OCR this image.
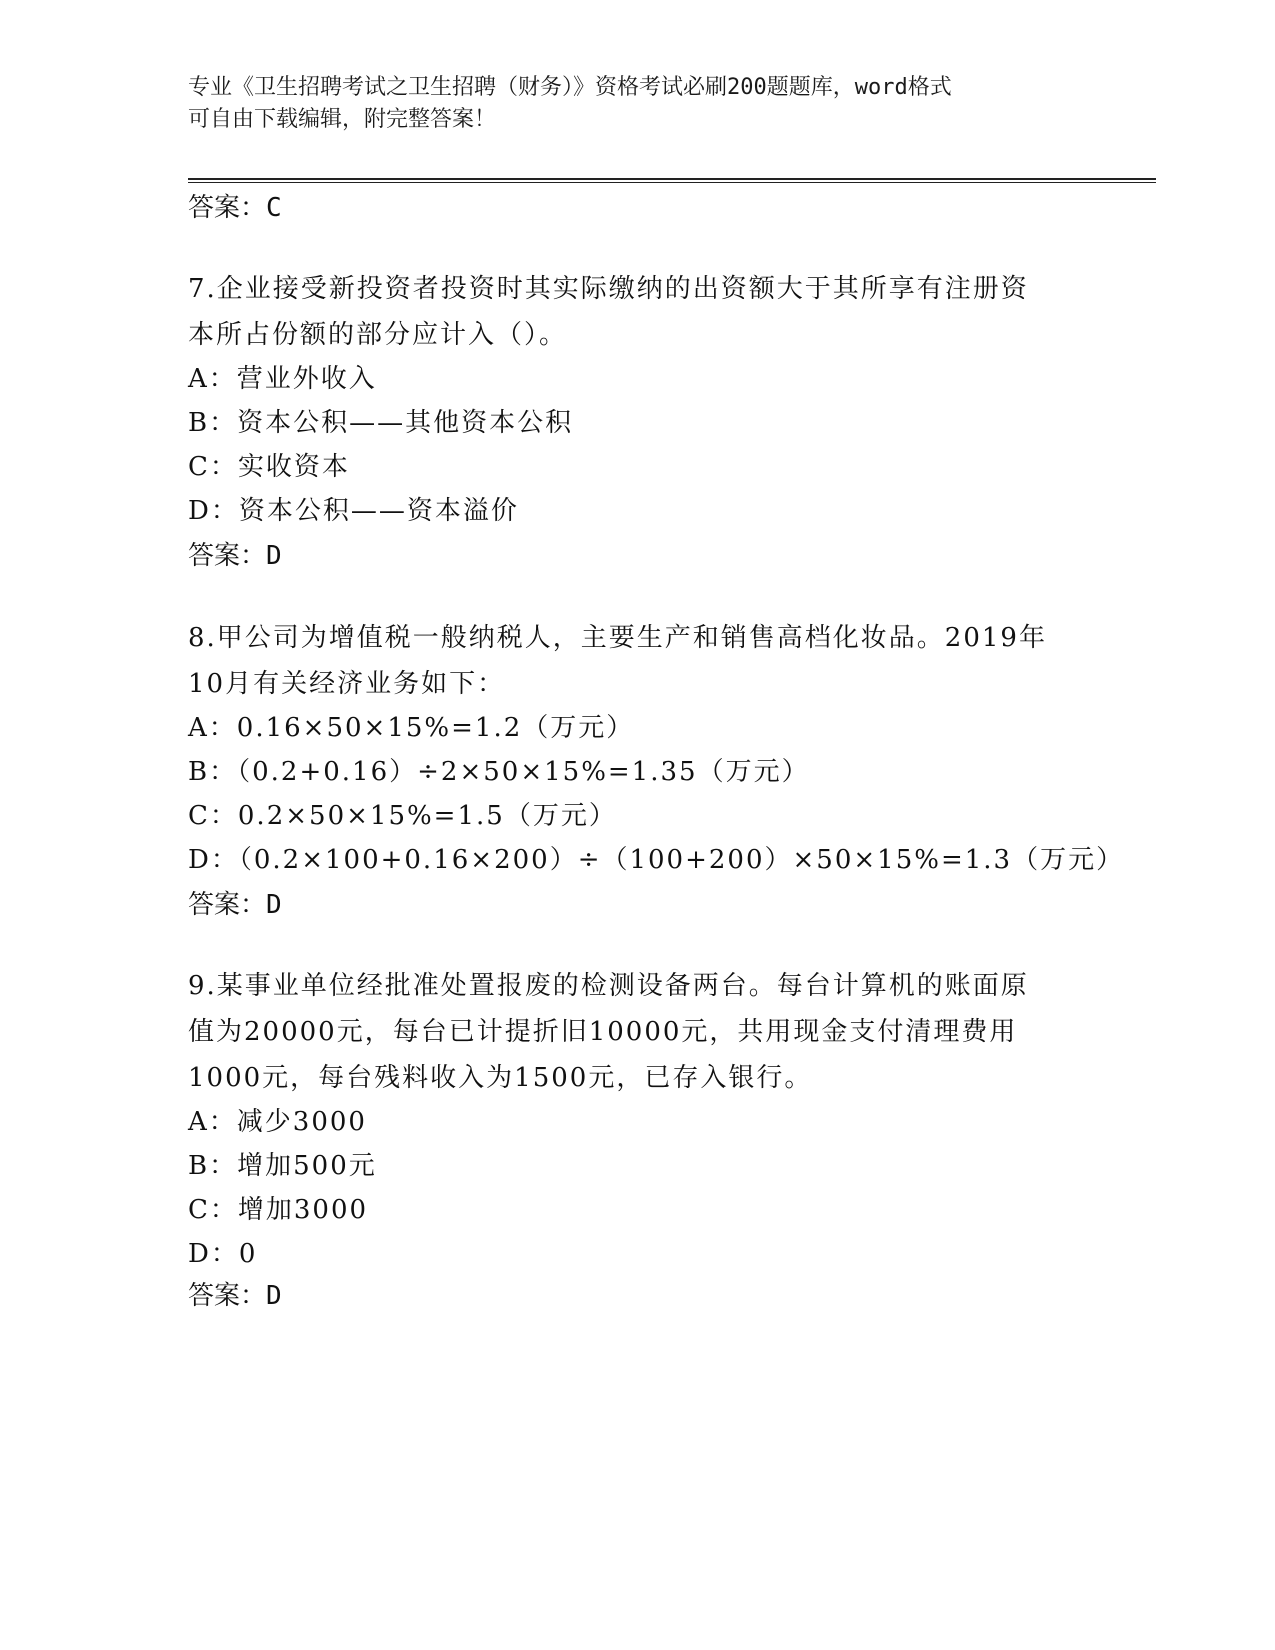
专业《卫生招聘考试之卫生招聘（财务）》资格考试必刷200题题库，word格式
可自由下载编辑，附完整答案！
答案：C
7.企业接受新投资者投资时其实际缴纳的出资额大于其所享有注册资
本所占份额的部分应计入（）。
A：营业外收入
B：资本公积——其他资本公积
C：实收资本
D：资本公积——资本溢价
答案：D
8.甲公司为增值税一般纳税人，主要生产和销售高档化妆品。2019年
10月有关经济业务如下：
A：0.16×50×15%=1.2（万元）
B：（0.2+0.16）÷2×50×15%=1.35（万元）
C：0.2×50×15%=1.5（万元）
D：（0.2×100+0.16×200）÷（100+200）×50×15%=1.3（万元）
答案：D
9.某事业单位经批准处置报废的检测设备两台。每台计算机的账面原
值为20000元，每台已计提折旧10000元，共用现金支付清理费用
1000元，每台残料收入为1500元，已存入银行。
A：减少3000
B：增加500元
C：增加3000
D：0
答案：D
